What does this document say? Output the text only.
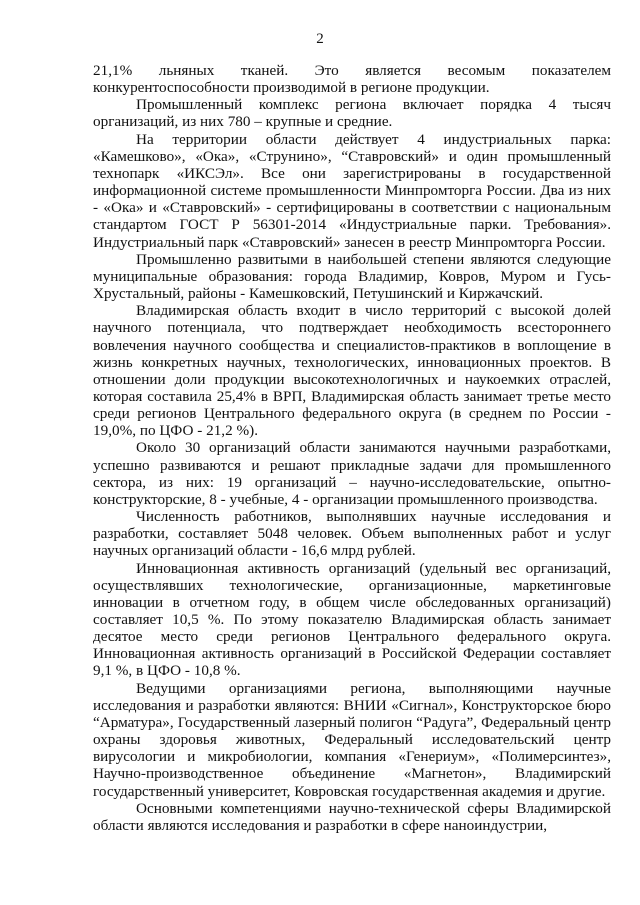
2

21,1% льняных тканей. Это является весомым показателем конкурентоспособности производимой в регионе продукции.

Промышленный комплекс региона включает порядка 4 тысяч организаций, из них 780 – крупные и средние.

На территории области действует 4 индустриальных парка: «Камешково», «Ока», «Струнино», “Ставровский» и один промышленный технопарк «ИКСЭл». Все они зарегистрированы в государственной информационной системе промышленности Минпромторга России. Два из них - «Ока» и «Ставровский» - сертифицированы в соответствии с национальным стандартом ГОСТ Р 56301-2014 «Индустриальные парки. Требования». Индустриальный парк «Ставровский» занесен в реестр Минпромторга России.

Промышленно развитыми в наибольшей степени являются следующие муниципальные образования: города Владимир, Ковров, Муром и Гусь-Хрустальный, районы - Камешковский, Петушинский и Киржачский.

Владимирская область входит в число территорий с высокой долей научного потенциала, что подтверждает необходимость всестороннего вовлечения научного сообщества и специалистов-практиков в воплощение в жизнь конкретных научных, технологических, инновационных проектов. В отношении доли продукции высокотехнологичных и наукоемких отраслей, которая составила 25,4% в ВРП, Владимирская область занимает третье место среди регионов Центрального федерального округа (в среднем по России - 19,0%, по ЦФО - 21,2 %).

Около 30 организаций области занимаются научными разработками, успешно развиваются и решают прикладные задачи для промышленного сектора, из них: 19 организаций – научно-исследовательские, опытно-конструкторские, 8 - учебные, 4 - организации промышленного производства.

Численность работников, выполнявших научные исследования и разработки, составляет 5048 человек. Объем выполненных работ и услуг научных организаций области - 16,6 млрд рублей.

Инновационная активность организаций (удельный вес организаций, осуществлявших технологические, организационные, маркетинговые инновации в отчетном году, в общем числе обследованных организаций) составляет 10,5 %. По этому показателю Владимирская область занимает десятое место среди регионов Центрального федерального округа. Инновационная активность организаций в Российской Федерации составляет 9,1 %, в ЦФО - 10,8 %.

Ведущими организациями региона, выполняющими научные исследования и разработки являются: ВНИИ «Сигнал», Конструкторское бюро “Арматура», Государственный лазерный полигон “Радуга”, Федеральный центр охраны здоровья животных, Федеральный исследовательский центр вирусологии и микробиологии, компания «Генериум», «Полимерсинтез», Научно-производственное объединение «Магнетон», Владимирский государственный университет, Ковровская государственная академия и другие.

Основными компетенциями научно-технической сферы Владимирской области являются исследования и разработки в сфере наноиндустрии,
